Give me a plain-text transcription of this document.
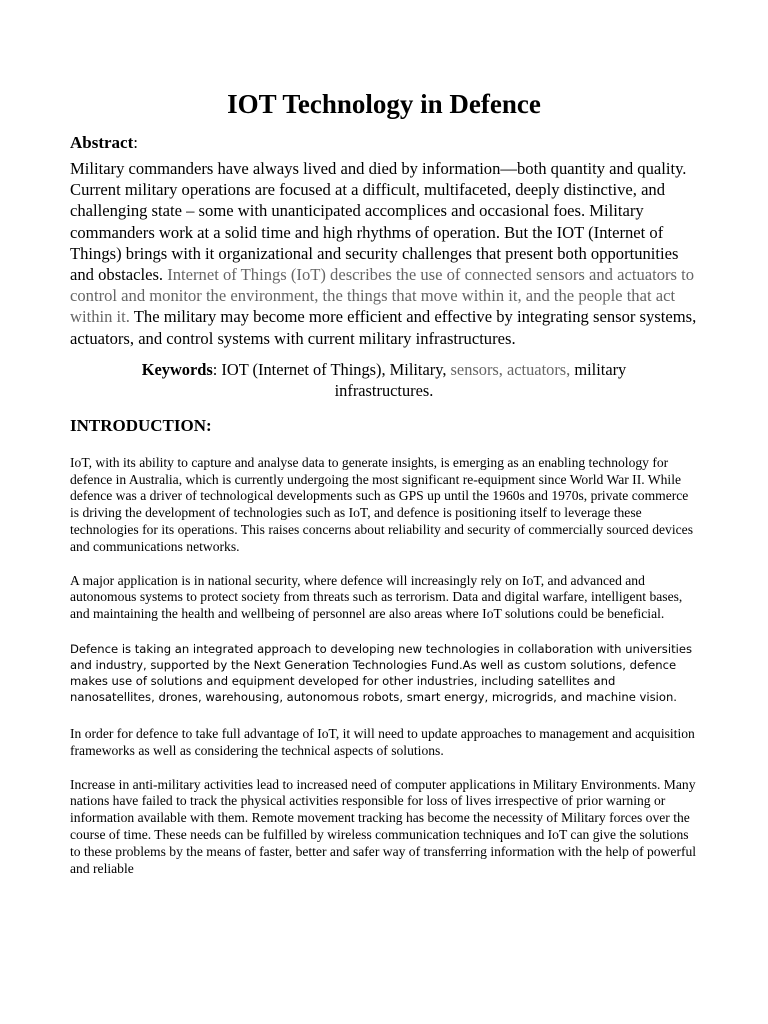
IOT Technology in Defence

Abstract:

Military commanders have always lived and died by information—both quantity and quality. Current military operations are focused at a difficult, multifaceted, deeply distinctive, and challenging state – some with unanticipated accomplices and occasional foes. Military commanders work at a solid time and high rhythms of operation. But the IOT (Internet of Things) brings with it organizational and security challenges that present both opportunities and obstacles. Internet of Things (IoT) describes the use of connected sensors and actuators to control and monitor the environment, the things that move within it, and the people that act within it. The military may become more efficient and effective by integrating sensor systems, actuators, and control systems with current military infrastructures.

Keywords: IOT (Internet of Things), Military, sensors, actuators, military infrastructures.

INTRODUCTION:

IoT, with its ability to capture and analyse data to generate insights, is emerging as an enabling technology for defence in Australia, which is currently undergoing the most significant re-equipment since World War II. While defence was a driver of technological developments such as GPS up until the 1960s and 1970s, private commerce is driving the development of technologies such as IoT, and defence is positioning itself to leverage these technologies for its operations. This raises concerns about reliability and security of commercially sourced devices and communications networks.

A major application is in national security, where defence will increasingly rely on IoT, and advanced and autonomous systems to protect society from threats such as terrorism. Data and digital warfare, intelligent bases, and maintaining the health and wellbeing of personnel are also areas where IoT solutions could be beneficial.

Defence is taking an integrated approach to developing new technologies in collaboration with universities and industry, supported by the Next Generation Technologies Fund.As well as custom solutions, defence makes use of solutions and equipment developed for other industries, including satellites and nanosatellites, drones, warehousing, autonomous robots, smart energy, microgrids, and machine vision.

In order for defence to take full advantage of IoT, it will need to update approaches to management and acquisition frameworks as well as considering the technical aspects of solutions.

Increase in anti-military activities lead to increased need of computer applications in Military Environments. Many nations have failed to track the physical activities responsible for loss of lives irrespective of prior warning or information available with them. Remote movement tracking has become the necessity of Military forces over the course of time. These needs can be fulfilled by wireless communication techniques and IoT can give the solutions to these problems by the means of faster, better and safer way of transferring information with the help of powerful and reliable
